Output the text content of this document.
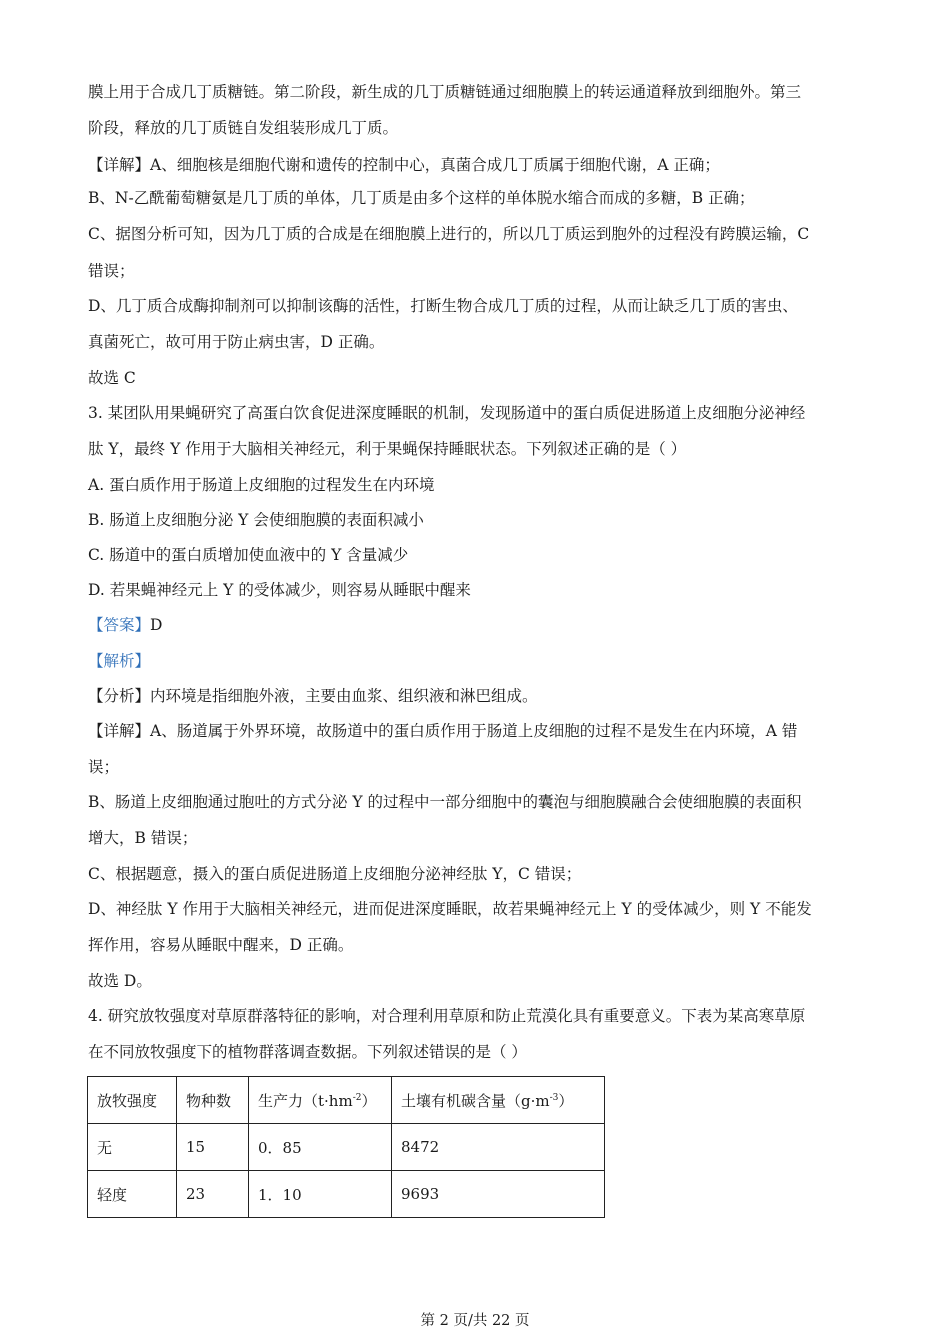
膜上用于合成几丁质糖链。第二阶段，新生成的几丁质糖链通过细胞膜上的转运通道释放到细胞外。第三
阶段，释放的几丁质链自发组装形成几丁质。
【详解】A、细胞核是细胞代谢和遗传的控制中心，真菌合成几丁质属于细胞代谢，A 正确；
B、N-乙酰葡萄糖氨是几丁质的单体，几丁质是由多个这样的单体脱水缩合而成的多糖，B 正确；
C、据图分析可知，因为几丁质的合成是在细胞膜上进行的，所以几丁质运到胞外的过程没有跨膜运输，C
错误；
D、几丁质合成酶抑制剂可以抑制该酶的活性，打断生物合成几丁质的过程，从而让缺乏几丁质的害虫、
真菌死亡，故可用于防止病虫害，D 正确。
故选 C
3. 某团队用果蝇研究了高蛋白饮食促进深度睡眠的机制，发现肠道中的蛋白质促进肠道上皮细胞分泌神经
肽 Y，最终 Y 作用于大脑相关神经元，利于果蝇保持睡眠状态。下列叙述正确的是（ ）
A. 蛋白质作用于肠道上皮细胞的过程发生在内环境
B. 肠道上皮细胞分泌 Y 会使细胞膜的表面积减小
C. 肠道中的蛋白质增加使血液中的 Y 含量减少
D. 若果蝇神经元上 Y 的受体减少，则容易从睡眠中醒来
【答案】D
【解析】
【分析】内环境是指细胞外液，主要由血浆、组织液和淋巴组成。
【详解】A、肠道属于外界环境，故肠道中的蛋白质作用于肠道上皮细胞的过程不是发生在内环境，A 错
误；
B、肠道上皮细胞通过胞吐的方式分泌 Y 的过程中一部分细胞中的囊泡与细胞膜融合会使细胞膜的表面积
增大，B 错误；
C、根据题意，摄入的蛋白质促进肠道上皮细胞分泌神经肽 Y，C 错误；
D、神经肽 Y 作用于大脑相关神经元，进而促进深度睡眠，故若果蝇神经元上 Y 的受体减少，则 Y 不能发
挥作用，容易从睡眠中醒来，D 正确。
故选 D。
4. 研究放牧强度对草原群落特征的影响，对合理利用草原和防止荒漠化具有重要意义。下表为某高寒草原
在不同放牧强度下的植物群落调查数据。下列叙述错误的是（ ）
放牧强度	物种数	生产力$(t\cdot hm^{-2})$	土壤有机碳含量$(g\cdot m^{-3})$
无	15	0．85	8472
轻度	23	1．10	9693
第 2 页/共 22 页
